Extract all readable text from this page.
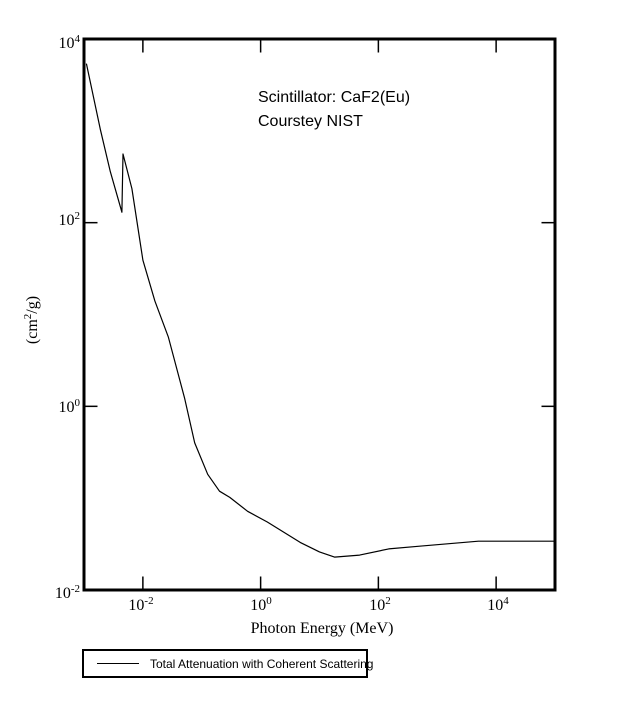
$10^4$
$10^2$
$10^0$
$10^{-2}$
$10^{-2}$	$10^0$	$10^2$	$10^4$
Photon Energy (MeV)
$(cm^2/g)$
Scintillator: CaF2(Eu)
Courstey NIST
Total Attenuation with Coherent Scattering
